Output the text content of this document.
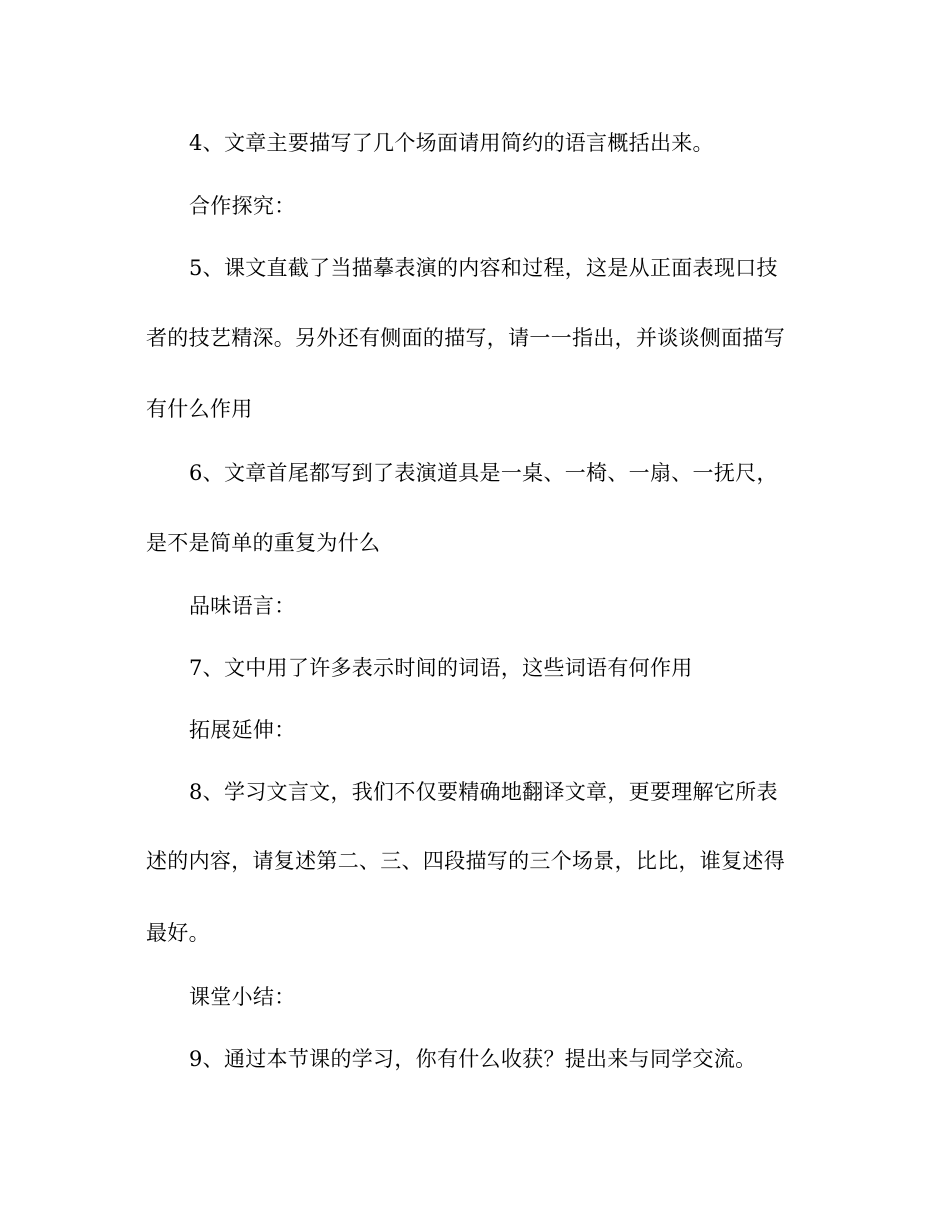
4、文章主要描写了几个场面请用简约的语言概括出来。
合作探究：
5、课文直截了当描摹表演的内容和过程，这是从正面表现口技
者的技艺精深。另外还有侧面的描写，请一一指出，并谈谈侧面描写
有什么作用
6、文章首尾都写到了表演道具是一桌、一椅、一扇、一抚尺，
是不是简单的重复为什么
品味语言：
7、文中用了许多表示时间的词语，这些词语有何作用
拓展延伸：
8、学习文言文，我们不仅要精确地翻译文章，更要理解它所表
述的内容，请复述第二、三、四段描写的三个场景，比比，谁复述得
最好。
课堂小结：
9、通过本节课的学习，你有什么收获？提出来与同学交流。
